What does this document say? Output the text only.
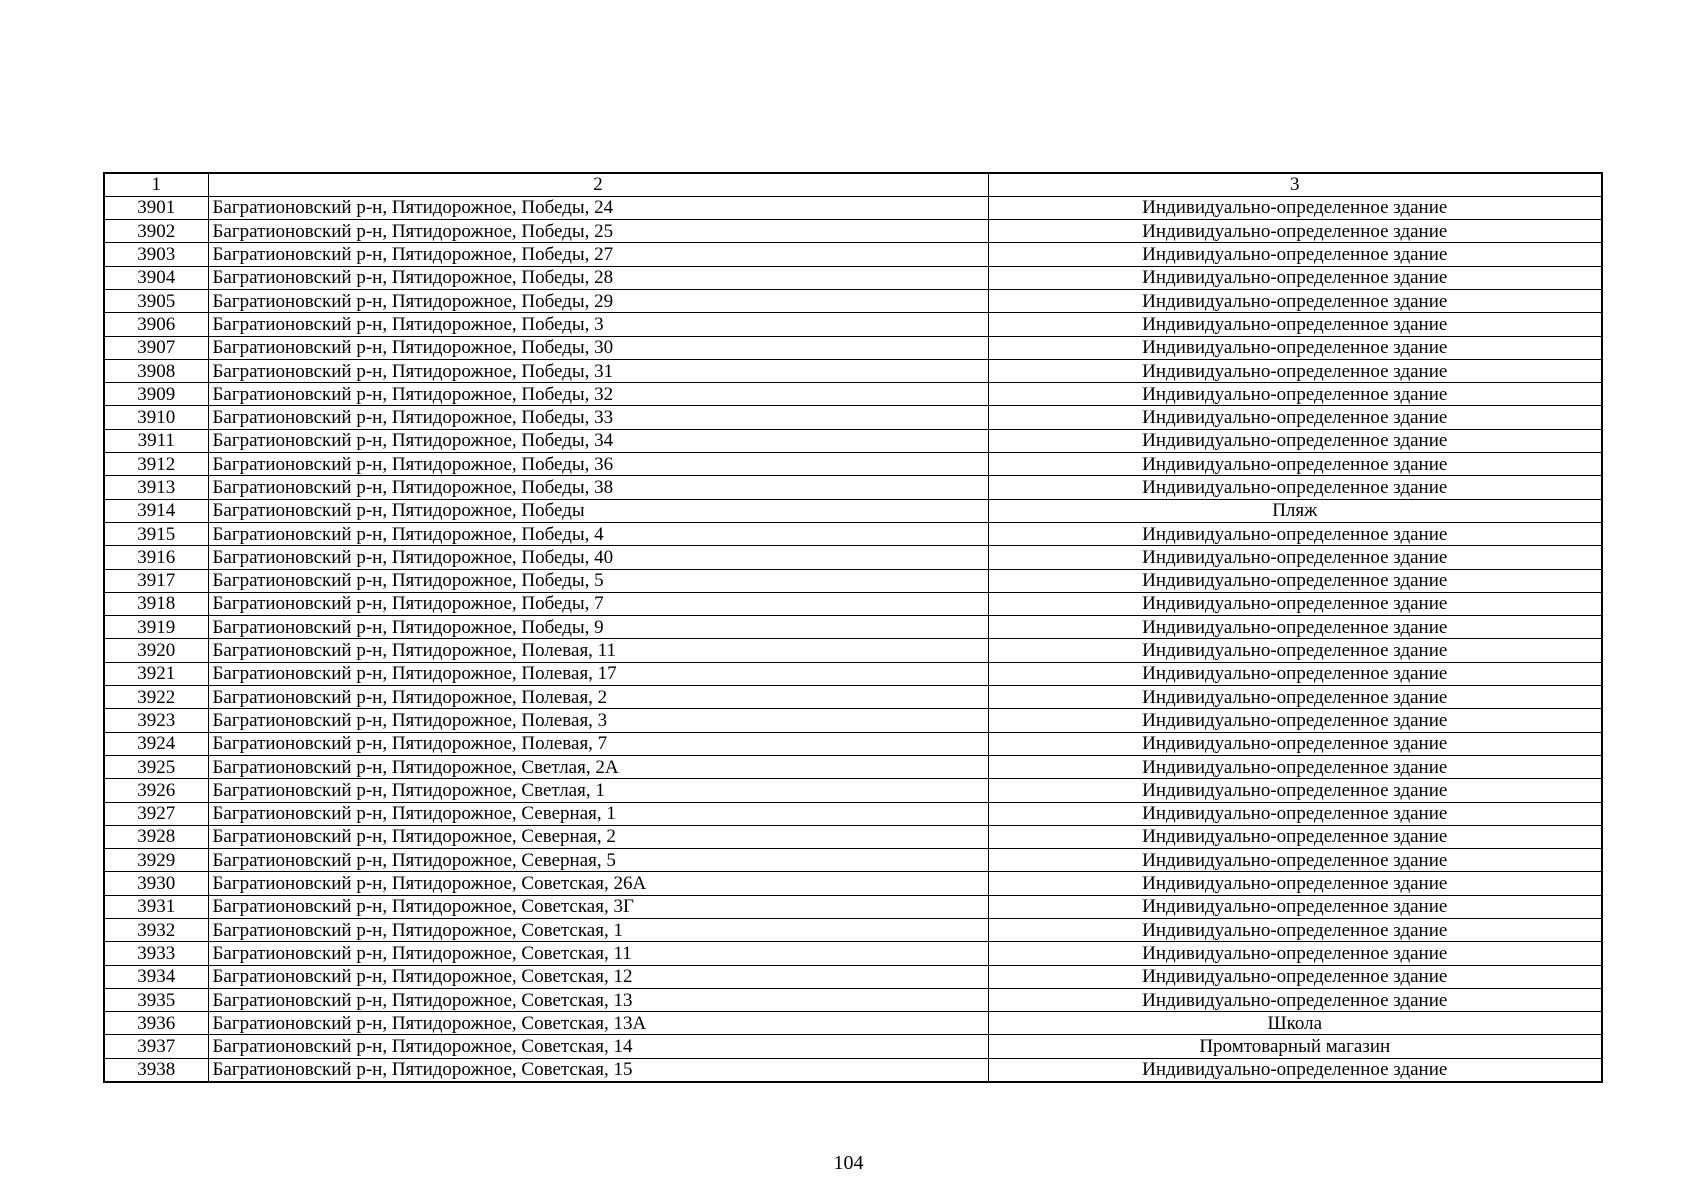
1	2	3
3901	Багратионовский р-н, Пятидорожное, Победы, 24	Индивидуально-определенное здание
3902	Багратионовский р-н, Пятидорожное, Победы, 25	Индивидуально-определенное здание
3903	Багратионовский р-н, Пятидорожное, Победы, 27	Индивидуально-определенное здание
3904	Багратионовский р-н, Пятидорожное, Победы, 28	Индивидуально-определенное здание
3905	Багратионовский р-н, Пятидорожное, Победы, 29	Индивидуально-определенное здание
3906	Багратионовский р-н, Пятидорожное, Победы, 3	Индивидуально-определенное здание
3907	Багратионовский р-н, Пятидорожное, Победы, 30	Индивидуально-определенное здание
3908	Багратионовский р-н, Пятидорожное, Победы, 31	Индивидуально-определенное здание
3909	Багратионовский р-н, Пятидорожное, Победы, 32	Индивидуально-определенное здание
3910	Багратионовский р-н, Пятидорожное, Победы, 33	Индивидуально-определенное здание
3911	Багратионовский р-н, Пятидорожное, Победы, 34	Индивидуально-определенное здание
3912	Багратионовский р-н, Пятидорожное, Победы, 36	Индивидуально-определенное здание
3913	Багратионовский р-н, Пятидорожное, Победы, 38	Индивидуально-определенное здание
3914	Багратионовский р-н, Пятидорожное, Победы	Пляж
3915	Багратионовский р-н, Пятидорожное, Победы, 4	Индивидуально-определенное здание
3916	Багратионовский р-н, Пятидорожное, Победы, 40	Индивидуально-определенное здание
3917	Багратионовский р-н, Пятидорожное, Победы, 5	Индивидуально-определенное здание
3918	Багратионовский р-н, Пятидорожное, Победы, 7	Индивидуально-определенное здание
3919	Багратионовский р-н, Пятидорожное, Победы, 9	Индивидуально-определенное здание
3920	Багратионовский р-н, Пятидорожное, Полевая, 11	Индивидуально-определенное здание
3921	Багратионовский р-н, Пятидорожное, Полевая, 17	Индивидуально-определенное здание
3922	Багратионовский р-н, Пятидорожное, Полевая, 2	Индивидуально-определенное здание
3923	Багратионовский р-н, Пятидорожное, Полевая, 3	Индивидуально-определенное здание
3924	Багратионовский р-н, Пятидорожное, Полевая, 7	Индивидуально-определенное здание
3925	Багратионовский р-н, Пятидорожное, Светлая, 2А	Индивидуально-определенное здание
3926	Багратионовский р-н, Пятидорожное, Светлая, 1	Индивидуально-определенное здание
3927	Багратионовский р-н, Пятидорожное, Северная, 1	Индивидуально-определенное здание
3928	Багратионовский р-н, Пятидорожное, Северная, 2	Индивидуально-определенное здание
3929	Багратионовский р-н, Пятидорожное, Северная, 5	Индивидуально-определенное здание
3930	Багратионовский р-н, Пятидорожное, Советская, 26А	Индивидуально-определенное здание
3931	Багратионовский р-н, Пятидорожное, Советская, 3Г	Индивидуально-определенное здание
3932	Багратионовский р-н, Пятидорожное, Советская, 1	Индивидуально-определенное здание
3933	Багратионовский р-н, Пятидорожное, Советская, 11	Индивидуально-определенное здание
3934	Багратионовский р-н, Пятидорожное, Советская, 12	Индивидуально-определенное здание
3935	Багратионовский р-н, Пятидорожное, Советская, 13	Индивидуально-определенное здание
3936	Багратионовский р-н, Пятидорожное, Советская, 13А	Школа
3937	Багратионовский р-н, Пятидорожное, Советская, 14	Промтоварный магазин
3938	Багратионовский р-н, Пятидорожное, Советская, 15	Индивидуально-определенное здание
104
